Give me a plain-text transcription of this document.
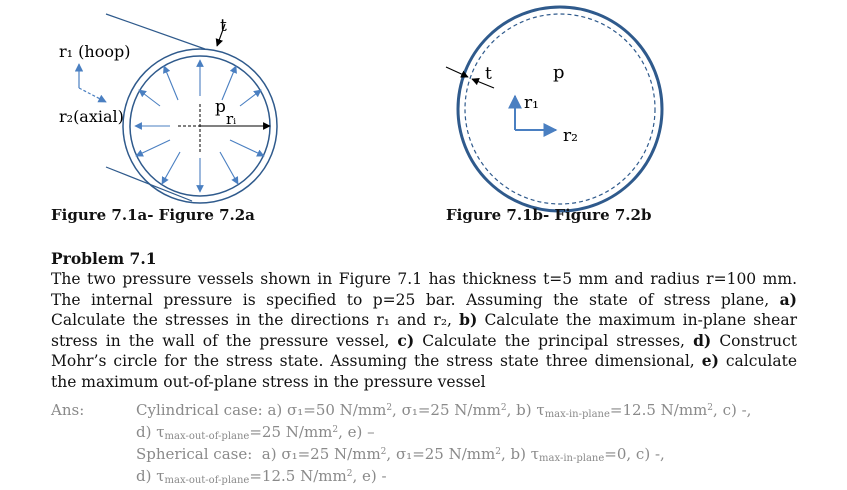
r₁ (hoop)
r₂(axial)
t
p
rᵢ
t	p
r₁
r₂
Figure 7.1a- Figure 7.2a	Figure 7.1b- Figure 7.2b
Problem 7.1
The two pressure vessels shown in Figure 7.1 has thickness t=5 mm and radius r=100 mm. The internal pressure is specified to p=25 bar. Assuming the state of stress plane, a) Calculate the stresses in the directions r₁ and r₂, b) Calculate the maximum in-plane shear stress in the wall of the pressure vessel, c) Calculate the principal stresses, d) Construct Mohr’s circle for the stress state. Assuming the stress state three dimensional, e) calculate the maximum out-of-plane stress in the pressure vessel
Ans:	Cylindrical case: a) σ₁=50 $N/mm^2$, σ₁=25 $N/mm^2$, b) $\tau_{max-in-plane}=12.5$ $N/mm^2$, c) -,
d) $\tau_{max-out-of-plane}=25$ $N/mm^2$, e) –
Spherical case:  a) σ₁=25 $N/mm^2$, σ₁=25 $N/mm^2$, b) $\tau_{max-in-plane}=0$, c) -,
d) $\tau_{max-out-of-plane}=12.5$ $N/mm^2$, e) -
